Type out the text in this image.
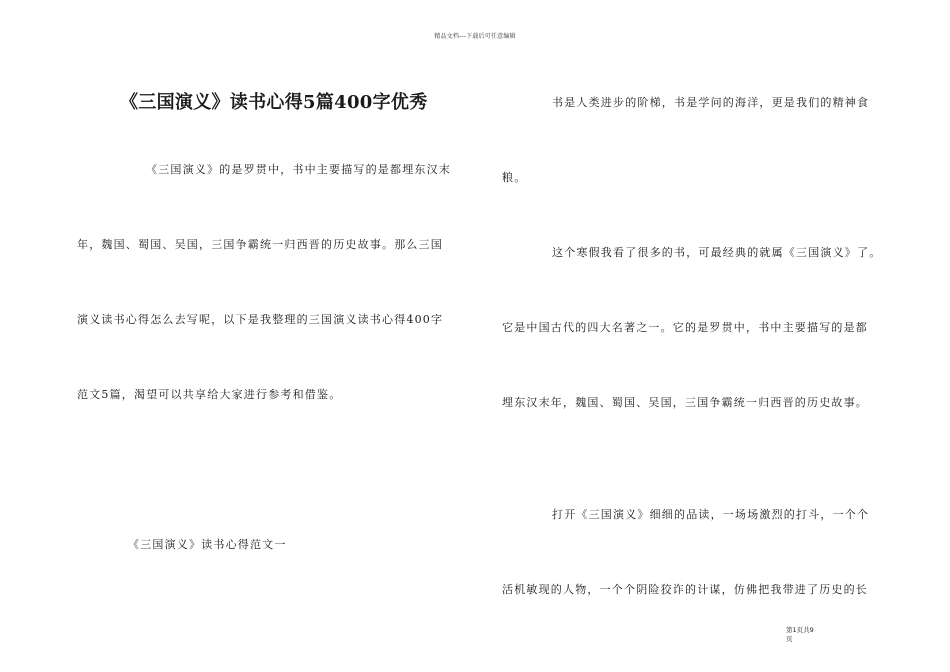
精品文档---下载后可任意编辑
《三国演义》读书心得5篇400字优秀
《三国演义》的是罗贯中，书中主要描写的是都埋东汉末
年，魏国、蜀国、吴国，三国争霸统一归西晋的历史故事。那么三国
演义读书心得怎么去写呢，以下是我整理的三国演义读书心得400字
范文5篇，渴望可以共享给大家进行参考和借鉴。
《三国演义》读书心得范文一
书是人类进步的阶梯，书是学问的海洋，更是我们的精神食
粮。
这个寒假我看了很多的书，可最经典的就属《三国演义》了。
它是中国古代的四大名著之一。它的是罗贯中，书中主要描写的是都
埋东汉末年，魏国、蜀国、吴国，三国争霸统一归西晋的历史故事。
打开《三国演义》细细的品读，一场场激烈的打斗，一个个
活机敏现的人物，一个个阴险狡诈的计谋，仿佛把我带进了历史的长
第1页共9
页
